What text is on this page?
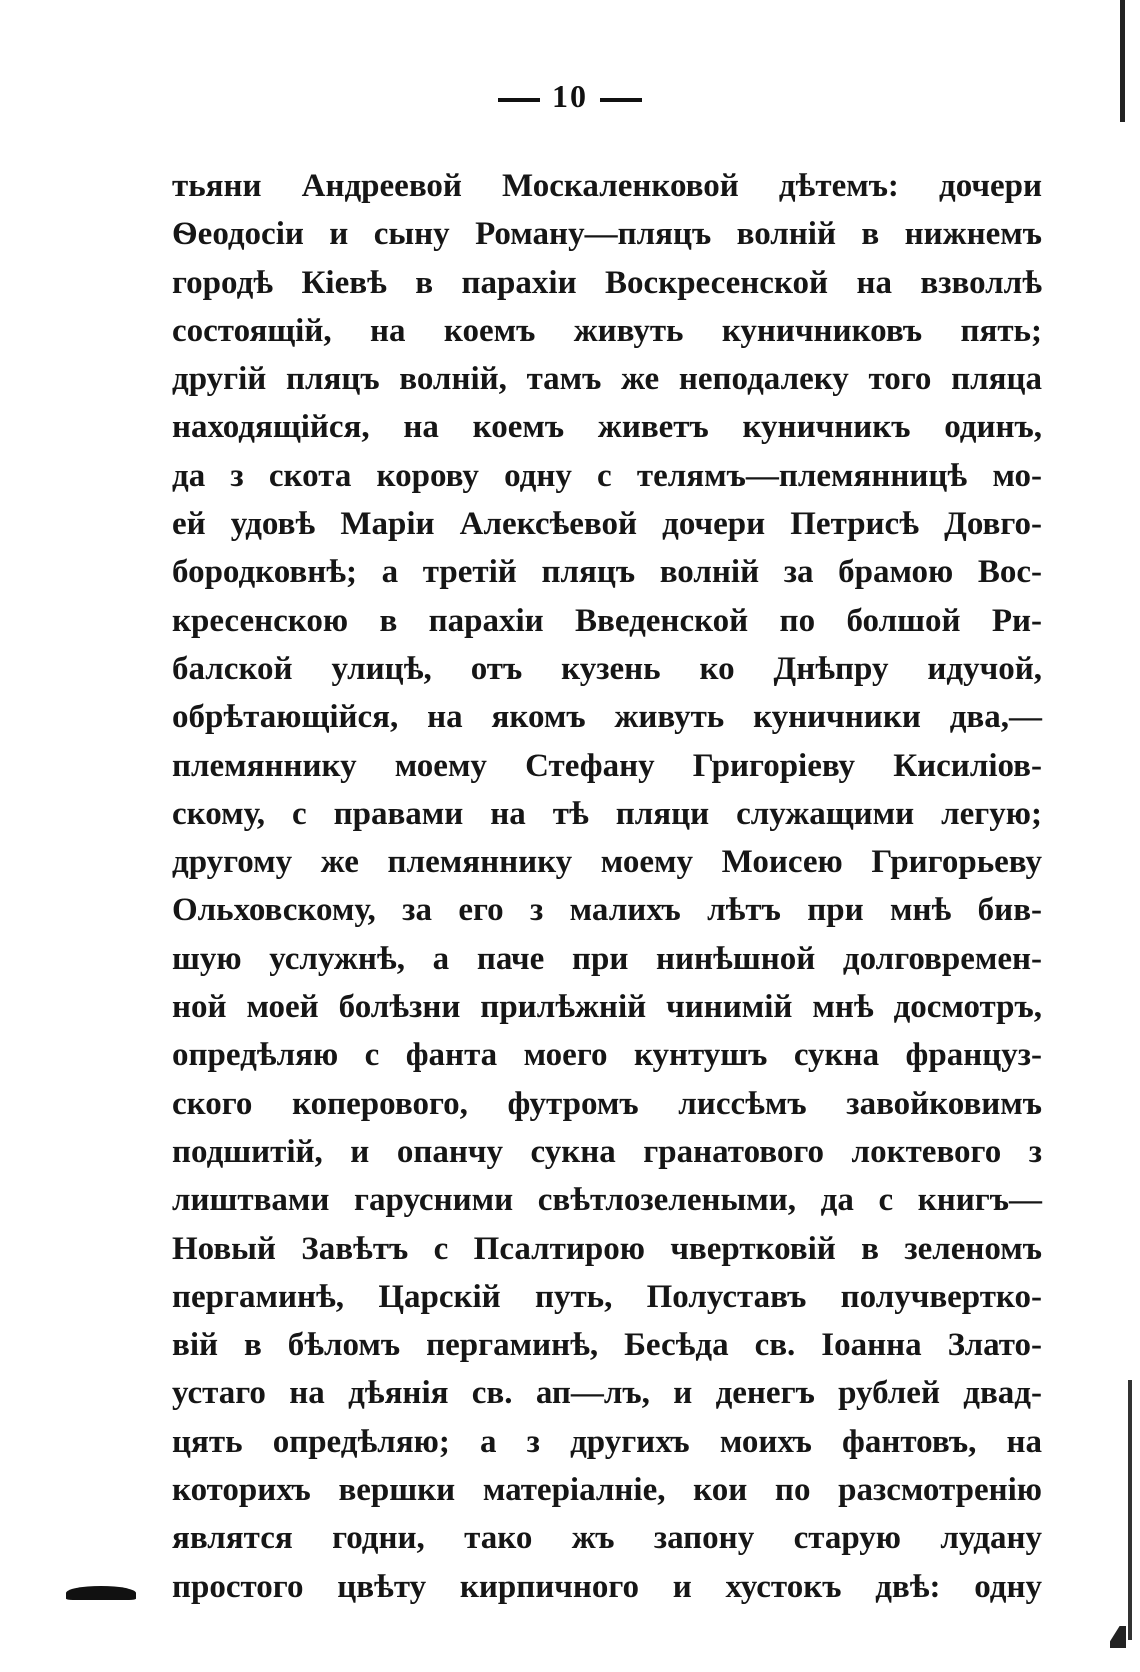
10
тьяни Андреевой Москаленковой дѣтемъ: дочери
Ѳеодосіи и сыну Роману—пляцъ волній в нижнемъ
городѣ Кіевѣ в парахіи Воскресенской на взволлѣ
состоящій, на коемъ живуть куничниковъ пять;
другій пляцъ волній, тамъ же неподалеку того пляца
находящійся, на коемъ живетъ куничникъ одинъ,
да з скота корову одну с телямъ—племянницѣ мо-
ей удовѣ Маріи Алексѣевой дочери Петрисѣ Довго-
бородковнѣ; а третій пляцъ волній за брамою Вос-
кресенскою в парахіи Введенской по болшой Ри-
балской улицѣ, отъ кузень ко Днѣпру идучой,
обрѣтающійся, на якомъ живуть куничники два,—
племяннику моему Стефану Григоріеву Кисиліов-
скому, с правами на тѣ пляци служащими легую;
другому же племяннику моему Моисею Григорьеву
Ольховскому, за его з малихъ лѣтъ при мнѣ бив-
шую услужнѣ, а паче при нинѣшной долговремен-
ной моей болѣзни прилѣжній чинимій мнѣ досмотръ,
опредѣляю с фанта моего кунтушъ сукна француз-
ского коперового, футромъ лиссѣмъ завойковимъ
подшитій, и опанчу сукна гранатового локтевого з
лиштвами гарусними свѣтлозелеными, да с книгъ—
Новый Завѣтъ с Псалтирою чвертковій в зеленомъ
пергаминѣ, Царскій путь, Полуставъ получвертко-
вій в бѣломъ пергаминѣ, Бесѣда св. Іоанна Злато-
устаго на дѣянія св. ап—лъ, и денегъ рублей двад-
цять опредѣляю; а з другихъ моихъ фантовъ, на
которихъ вершки матеріалніе, кои по разсмотренію
являтся годни, тако жъ запону старую лудану
простого цвѣту кирпичного и хустокъ двѣ: одну
